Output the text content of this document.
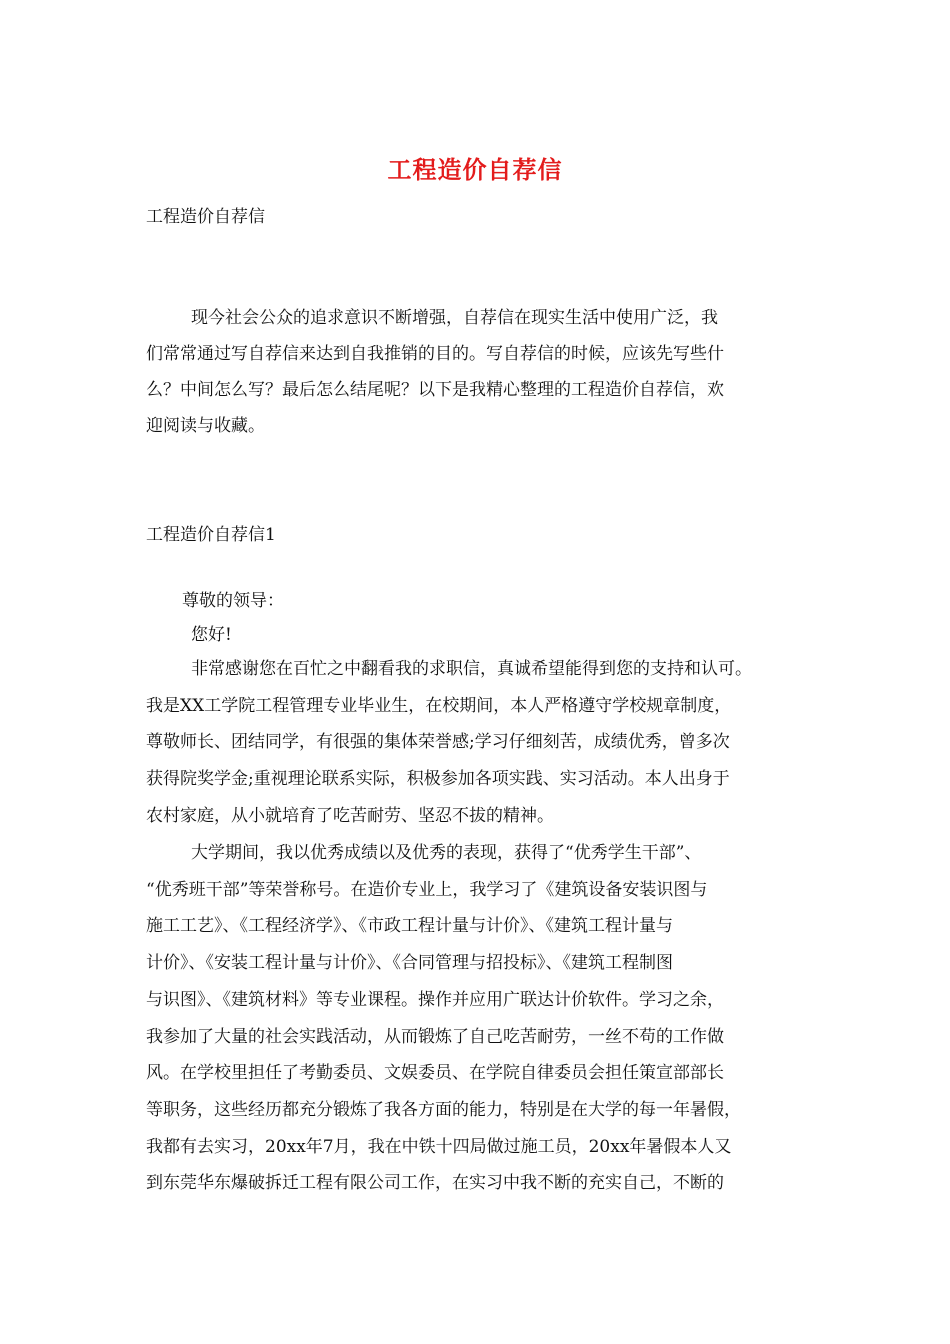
工程造价自荐信
工程造价自荐信
现今社会公众的追求意识不断增强，自荐信在现实生活中使用广泛，我
们常常通过写自荐信来达到自我推销的目的。写自荐信的时候，应该先写些什
么？中间怎么写？最后怎么结尾呢？以下是我精心整理的工程造价自荐信，欢
迎阅读与收藏。
工程造价自荐信1
尊敬的领导：
您好!
非常感谢您在百忙之中翻看我的求职信，真诚希望能得到您的支持和认可。
我是XX工学院工程管理专业毕业生，在校期间，本人严格遵守学校规章制度，
尊敬师长、团结同学，有很强的集体荣誉感;学习仔细刻苦，成绩优秀，曾多次
获得院奖学金;重视理论联系实际，积极参加各项实践、实习活动。本人出身于
农村家庭，从小就培育了吃苦耐劳、坚忍不拔的精神。
大学期间，我以优秀成绩以及优秀的表现，获得了“优秀学生干部”、
“优秀班干部”等荣誉称号。在造价专业上，我学习了《建筑设备安装识图与
施工工艺》、《工程经济学》、《市政工程计量与计价》、《建筑工程计量与
计价》、《安装工程计量与计价》、《合同管理与招投标》、《建筑工程制图
与识图》、《建筑材料》等专业课程。操作并应用广联达计价软件。学习之余，
我参加了大量的社会实践活动，从而锻炼了自己吃苦耐劳，一丝不苟的工作做
风。在学校里担任了考勤委员、文娱委员、在学院自律委员会担任策宣部部长
等职务，这些经历都充分锻炼了我各方面的能力，特别是在大学的每一年暑假，
我都有去实习，20xx年7月，我在中铁十四局做过施工员，20xx年暑假本人又
到东莞华东爆破拆迁工程有限公司工作，在实习中我不断的充实自己，不断的
